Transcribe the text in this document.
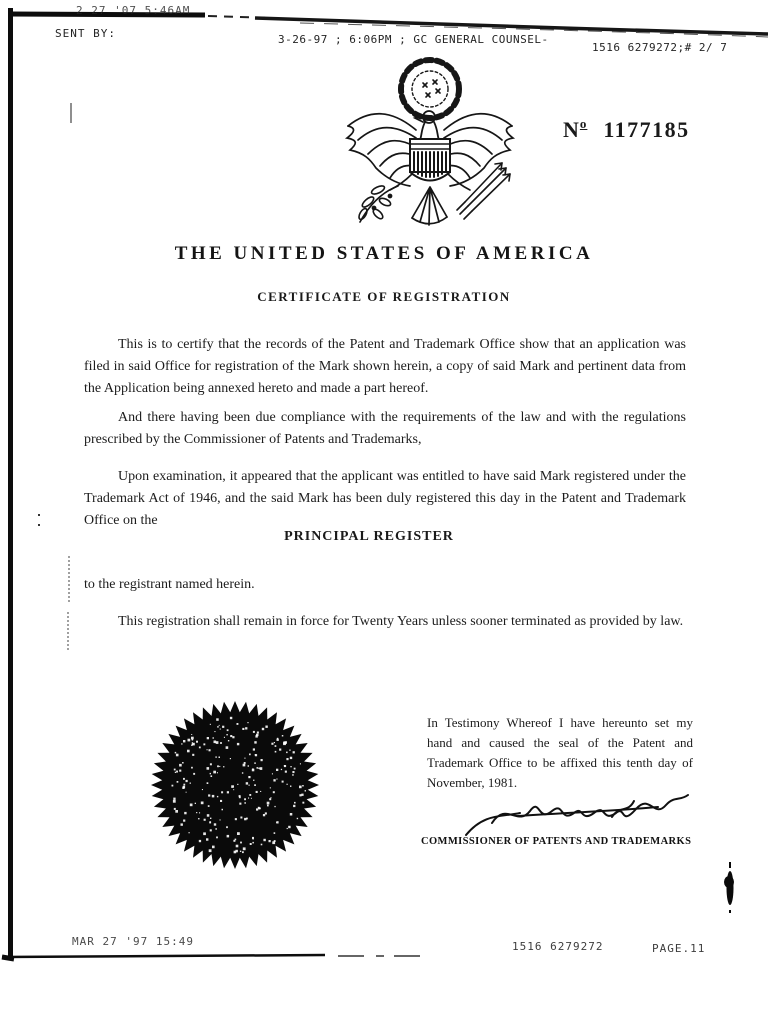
2 27 '07 5:46AM
SENT BY:	3-26-97 ; 6:06PM ; GC GENERAL COUNSEL-
1516 6279272;# 2/ 7
$N^o$ 1177185
THE UNITED STATES OF AMERICA
CERTIFICATE OF REGISTRATION

This is to certify that the records of the Patent and Trademark Office show that an application was filed in said Office for registration of the Mark shown herein, a copy of said Mark and pertinent data from the Application being annexed hereto and made a part hereof.

And there having been due compliance with the requirements of the law and with the regulations prescribed by the Commissioner of Patents and Trademarks,

Upon examination, it appeared that the applicant was entitled to have said Mark registered under the Trademark Act of 1946, and the said Mark has been duly registered this day in the Patent and Trademark Office on the

PRINCIPAL REGISTER

to the registrant named herein.

This registration shall remain in force for Twenty Years unless sooner terminated as provided by law.

In Testimony Whereof I have hereunto set my hand and caused the seal of the Patent and Trademark Office to be affixed this tenth day of November, 1981.

COMMISSIONER OF PATENTS AND TRADEMARKS
MAR 27 '97 15:49	1516 6279272	PAGE.11
